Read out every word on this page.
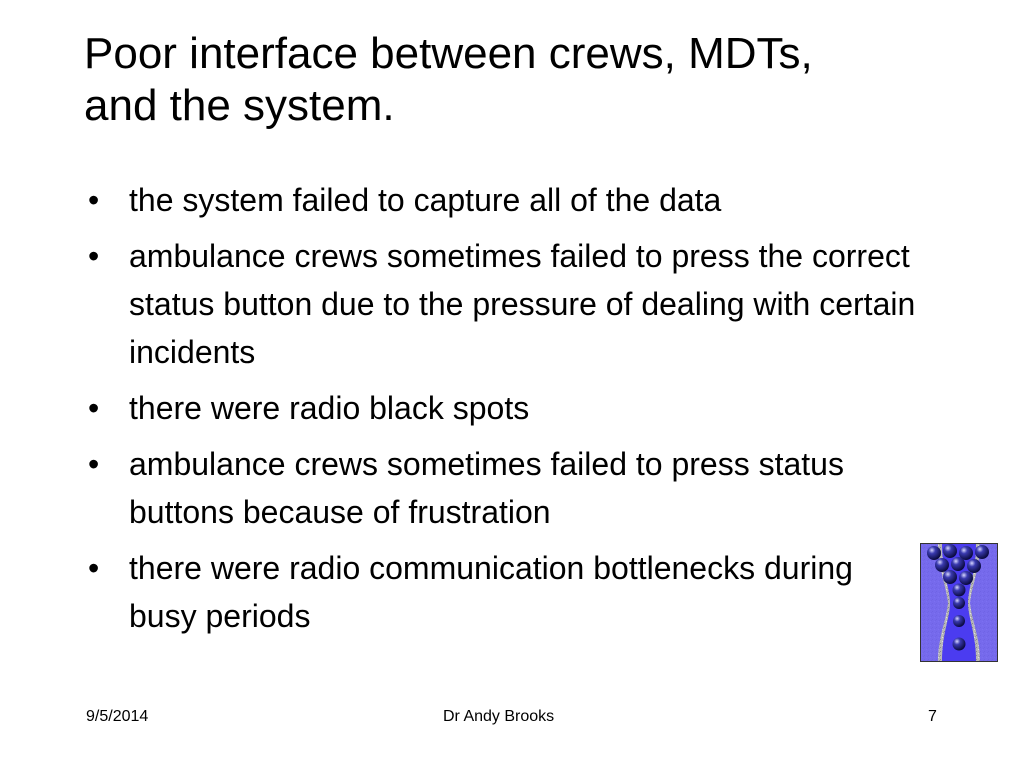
Poor interface between crews, MDTs,
and the system.
• the system failed to capture all of the data
• ambulance crews sometimes failed to press the correct status button due to the pressure of dealing with certain incidents
• there were radio black spots
• ambulance crews sometimes failed to press status buttons because of frustration
• there were radio communication bottlenecks during busy periods
9/5/2014	Dr Andy Brooks	7
